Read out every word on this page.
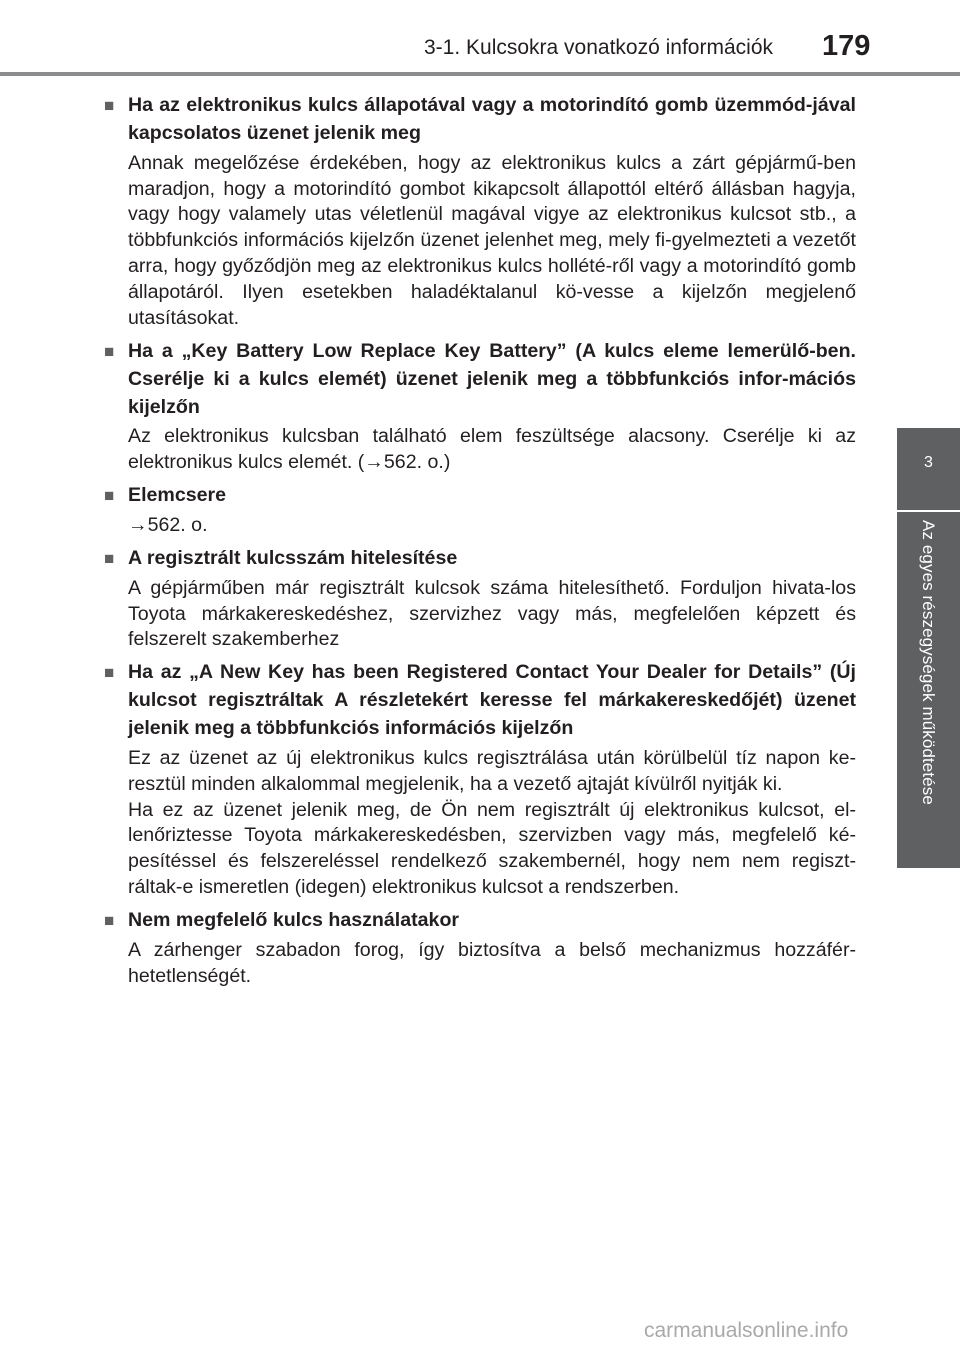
3-1. Kulcsokra vonatkozó információk 179
3
Az egyes részegységek működtetése
■ Ha az elektronikus kulcs állapotával vagy a motorindító gomb üzemmód-jával kapcsolatos üzenet jelenik meg

Annak megelőzése érdekében, hogy az elektronikus kulcs a zárt gépjármű-ben maradjon, hogy a motorindító gombot kikapcsolt állapottól eltérő állásban hagyja, vagy hogy valamely utas véletlenül magával vigye az elektronikus kulcsot stb., a többfunkciós információs kijelzőn üzenet jelenhet meg, mely fi-gyelmezteti a vezetőt arra, hogy győződjön meg az elektronikus kulcs hollété-ről vagy a motorindító gomb állapotáról. Ilyen esetekben haladéktalanul kö-vesse a kijelzőn megjelenő utasításokat.

■ Ha a „Key Battery Low Replace Key Battery” (A kulcs eleme lemerülő-ben. Cserélje ki a kulcs elemét) üzenet jelenik meg a többfunkciós infor-mációs kijelzőn

Az elektronikus kulcsban található elem feszültsége alacsony. Cserélje ki az elektronikus kulcs elemét. (→562. o.)

■ Elemcsere

→562. o.

■ A regisztrált kulcsszám hitelesítése

A gépjárműben már regisztrált kulcsok száma hitelesíthető. Forduljon hivata-los Toyota márkakereskedéshez, szervizhez vagy más, megfelelően képzett és felszerelt szakemberhez

■ Ha az „A New Key has been Registered Contact Your Dealer for Details” (Új kulcsot regisztráltak A részletekért keresse fel márkakereskedőjét) üzenet jelenik meg a többfunkciós információs kijelzőn

Ez az üzenet az új elektronikus kulcs regisztrálása után körülbelül tíz napon ke-resztül minden alkalommal megjelenik, ha a vezető ajtaját kívülről nyitják ki.

Ha ez az üzenet jelenik meg, de Ön nem regisztrált új elektronikus kulcsot, el-lenőriztesse Toyota márkakereskedésben, szervizben vagy más, megfelelő ké-pesítéssel és felszereléssel rendelkező szakembernél, hogy nem nem regiszt-ráltak-e ismeretlen (idegen) elektronikus kulcsot a rendszerben.

■ Nem megfelelő kulcs használatakor

A zárhenger szabadon forog, így biztosítva a belső mechanizmus hozzáfér-hetetlenségét.

carmanualsonline.info
